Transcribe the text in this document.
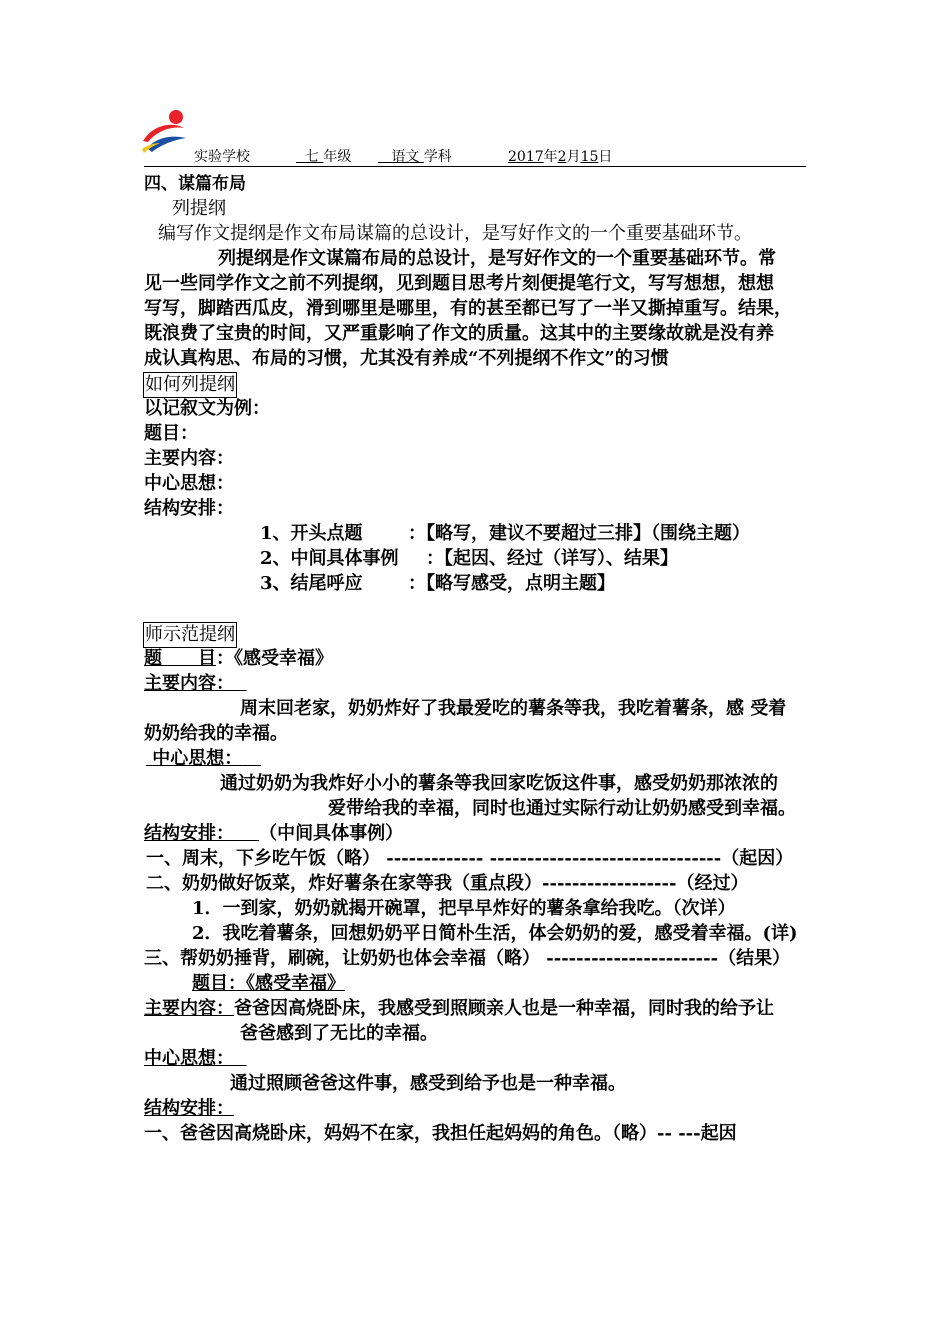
实验学校	七 年级	语文 学科	2017年2月15日
四、谋篇布局
列提纲
编写作文提纲是作文布局谋篇的总设计，是写好作文的一个重要基础环节。
列提纲是作文谋篇布局的总设计，是写好作文的一个重要基础环节。常
见一些同学作文之前不列提纲，见到题目思考片刻便提笔行文，写写想想，想想
写写，脚踏西瓜皮，滑到哪里是哪里，有的甚至都已写了一半又撕掉重写。结果，
既浪费了宝贵的时间，又严重影响了作文的质量。这其中的主要缘故就是没有养
成认真构思、布局的习惯，尤其没有养成“不列提纲不作文”的习惯
如何列提纲
以记叙文为例：
题目：
主要内容：
中心思想：
结构安排：
1、开头点题	：【略写，建议不要超过三排】（围绕主题）
2、中间具体事例 ：【起因、经过（详写）、结果】
3、结尾呼应	：【略写感受，点明主题】
师示范提纲
题　　目：《感受幸福》
主要内容：
周末回老家，奶奶炸好了我最爱吃的薯条等我，我吃着薯条，感 受着
奶奶给我的幸福。
中心思想：
通过奶奶为我炸好小小的薯条等我回家吃饭这件事，感受奶奶那浓浓的
爱带给我的幸福，同时也通过实际行动让奶奶感受到幸福。
结构安排： （中间具体事例）
一、周末，下乡吃午饭（略） ------------- -------------------------------（起因）
二、奶奶做好饭菜，炸好薯条在家等我（重点段）------------------（经过）
1．一到家，奶奶就揭开碗罩，把早早炸好的薯条拿给我吃。（次详）
2．我吃着薯条，回想奶奶平日简朴生活，体会奶奶的爱，感受着幸福。(详)
三、帮奶奶捶背，刷碗，让奶奶也体会幸福（略） -----------------------（结果）
题目：《感受幸福》
主要内容：爸爸因高烧卧床，我感受到照顾亲人也是一种幸福，同时我的给予让
爸爸感到了无比的幸福。
中心思想：
通过照顾爸爸这件事，感受到给予也是一种幸福。
结构安排：
一、爸爸因高烧卧床，妈妈不在家，我担任起妈妈的角色。（略）-- ---起因
